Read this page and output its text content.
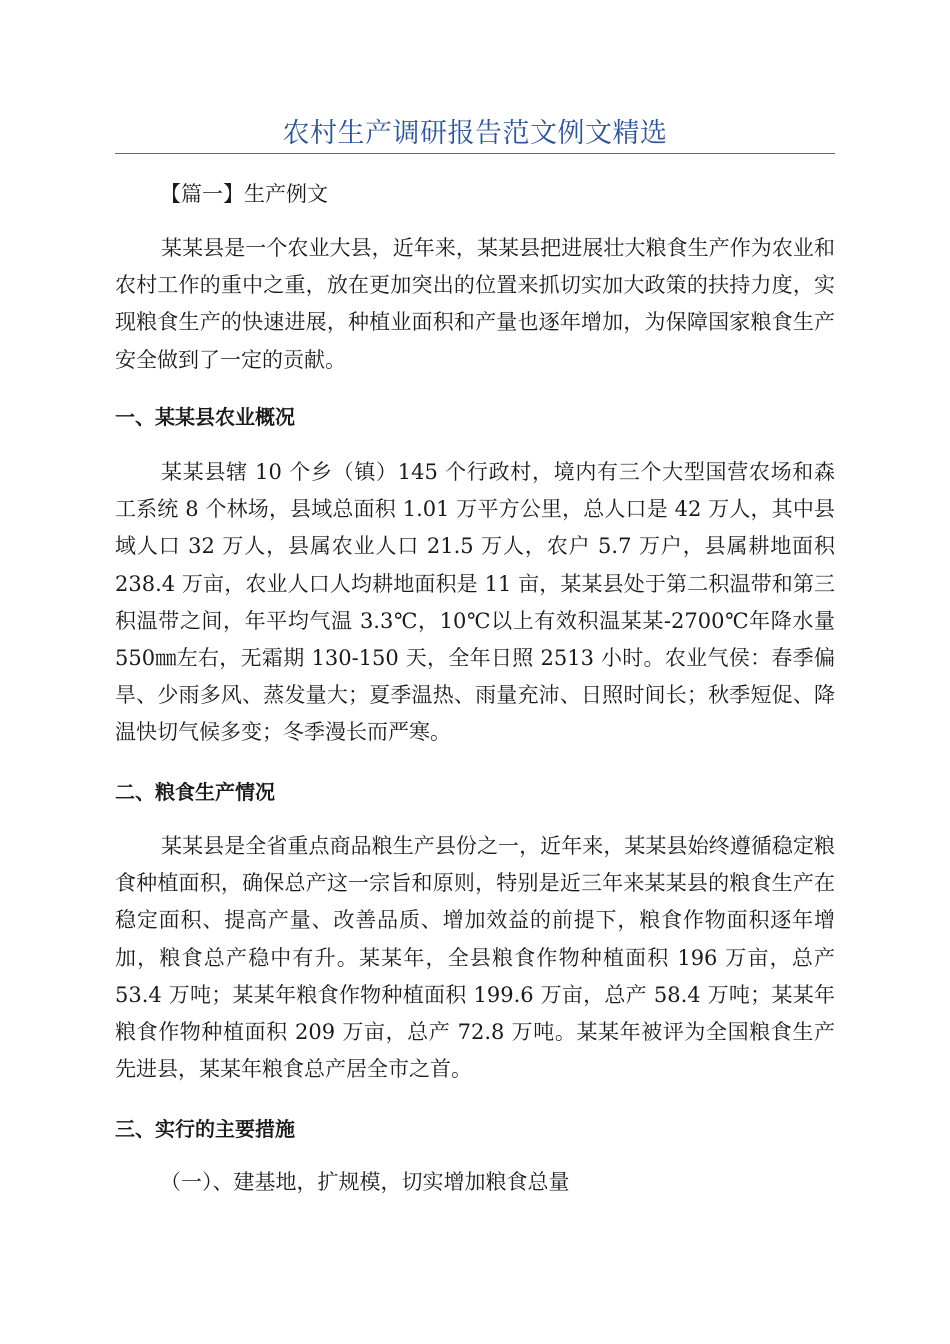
农村生产调研报告范文例文精选
【篇一】生产例文

某某县是一个农业大县，近年来，某某县把进展壮大粮食生产作为农业和农村工作的重中之重，放在更加突出的位置来抓切实加大政策的扶持力度，实现粮食生产的快速进展，种植业面积和产量也逐年增加，为保障国家粮食生产安全做到了一定的贡献。

一、某某县农业概况

某某县辖 10 个乡（镇）145 个行政村，境内有三个大型国营农场和森工系统 8 个林场，县域总面积 1.01 万平方公里，总人口是 42 万人，其中县域人口 32 万人，县属农业人口 21.5 万人，农户 5.7 万户，县属耕地面积 238.4 万亩，农业人口人均耕地面积是 11 亩，某某县处于第二积温带和第三积温带之间，年平均气温 3.3℃，10℃以上有效积温某某-2700℃年降水量 550㎜左右，无霜期 130-150 天，全年日照 2513 小时。农业气侯：春季偏旱、少雨多风、蒸发量大；夏季温热、雨量充沛、日照时间长；秋季短促、降温快切气候多变；冬季漫长而严寒。

二、粮食生产情况

某某县是全省重点商品粮生产县份之一，近年来，某某县始终遵循稳定粮食种植面积，确保总产这一宗旨和原则，特别是近三年来某某县的粮食生产在稳定面积、提高产量、改善品质、增加效益的前提下，粮食作物面积逐年增加，粮食总产稳中有升。某某年，全县粮食作物种植面积 196 万亩，总产 53.4 万吨；某某年粮食作物种植面积 199.6 万亩，总产 58.4 万吨；某某年粮食作物种植面积 209 万亩，总产 72.8 万吨。某某年被评为全国粮食生产先进县，某某年粮食总产居全市之首。

三、实行的主要措施
（一）、建基地，扩规模，切实增加粮食总量
